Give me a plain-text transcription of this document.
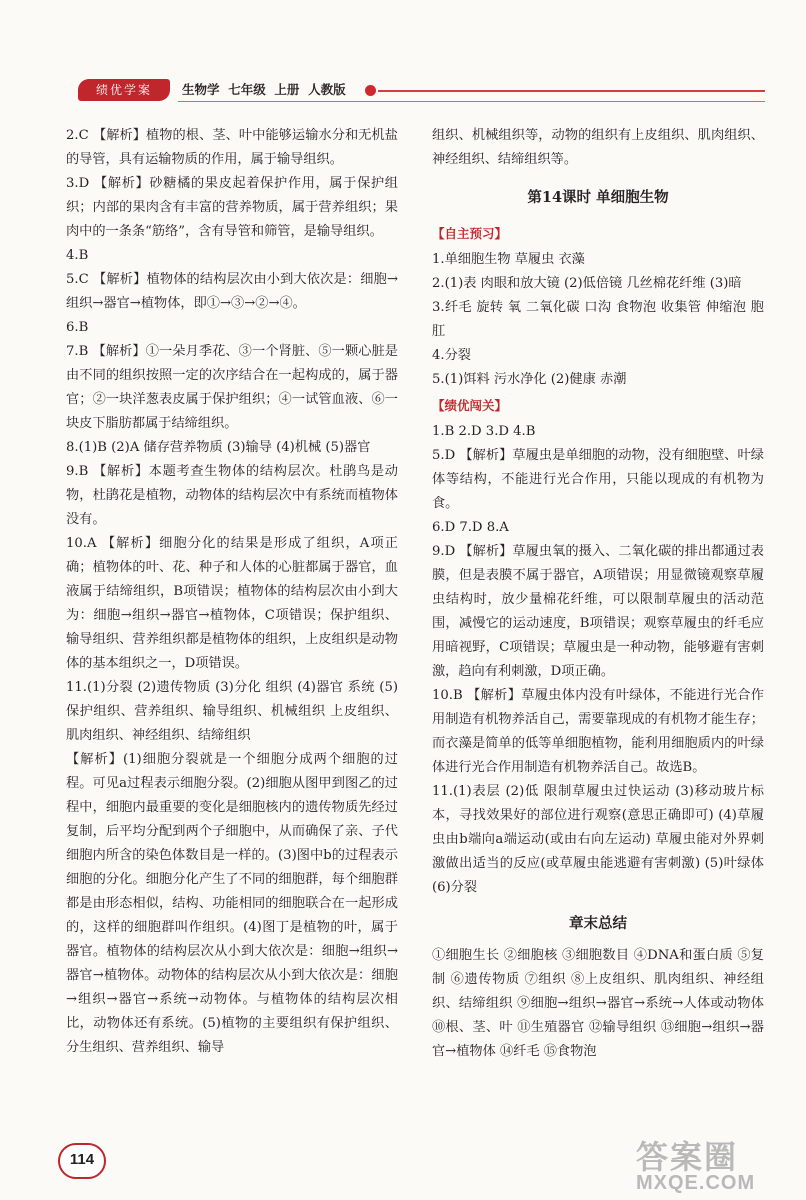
绩优学案	生物学  七年级  上册  人教版

2.C 【解析】植物的根、茎、叶中能够运输水分和无机盐的导管，具有运输物质的作用，属于输导组织。

3.D 【解析】砂糖橘的果皮起着保护作用，属于保护组织；内部的果肉含有丰富的营养物质，属于营养组织；果肉中的一条条“筋络”，含有导管和筛管，是输导组织。

4.B

5.C 【解析】植物体的结构层次由小到大依次是：细胞→组织→器官→植物体，即①→③→②→④。

6.B

7.B 【解析】①一朵月季花、③一个肾脏、⑤一颗心脏是由不同的组织按照一定的次序结合在一起构成的，属于器官；②一块洋葱表皮属于保护组织；④一试管血液、⑥一块皮下脂肪都属于结缔组织。

8.(1)B (2)A 储存营养物质 (3)输导 (4)机械 (5)器官

9.B 【解析】本题考查生物体的结构层次。杜鹃鸟是动物，杜鹃花是植物，动物体的结构层次中有系统而植物体没有。

10.A 【解析】细胞分化的结果是形成了组织，A项正确；植物体的叶、花、种子和人体的心脏都属于器官，血液属于结缔组织，B项错误；植物体的结构层次由小到大为：细胞→组织→器官→植物体，C项错误；保护组织、输导组织、营养组织都是植物体的组织，上皮组织是动物体的基本组织之一，D项错误。

11.(1)分裂 (2)遗传物质 (3)分化 组织 (4)器官 系统 (5)保护组织、营养组织、输导组织、机械组织 上皮组织、肌肉组织、神经组织、结缔组织

【解析】(1)细胞分裂就是一个细胞分成两个细胞的过程。可见a过程表示细胞分裂。(2)细胞从图甲到图乙的过程中，细胞内最重要的变化是细胞核内的遗传物质先经过复制，后平均分配到两个子细胞中，从而确保了亲、子代细胞内所含的染色体数目是一样的。(3)图中b的过程表示细胞的分化。细胞分化产生了不同的细胞群，每个细胞群都是由形态相似，结构、功能相同的细胞联合在一起形成的，这样的细胞群叫作组织。(4)图丁是植物的叶，属于器官。植物体的结构层次从小到大依次是：细胞→组织→器官→植物体。动物体的结构层次从小到大依次是：细胞→组织→器官→系统→动物体。与植物体的结构层次相比，动物体还有系统。(5)植物的主要组织有保护组织、分生组织、营养组织、输导

组织、机械组织等，动物的组织有上皮组织、肌肉组织、神经组织、结缔组织等。

第14课时 单细胞生物

【自主预习】

1.单细胞生物 草履虫 衣藻

2.(1)表 肉眼和放大镜 (2)低倍镜 几丝棉花纤维 (3)暗

3.纤毛 旋转 氧 二氧化碳 口沟 食物泡 收集管 伸缩泡 胞肛

4.分裂

5.(1)饵料 污水净化 (2)健康 赤潮

【绩优闯关】

1.B 2.D 3.D 4.B

5.D 【解析】草履虫是单细胞的动物，没有细胞壁、叶绿体等结构，不能进行光合作用，只能以现成的有机物为食。

6.D 7.D 8.A

9.D 【解析】草履虫氧的摄入、二氧化碳的排出都通过表膜，但是表膜不属于器官，A项错误；用显微镜观察草履虫结构时，放少量棉花纤维，可以限制草履虫的活动范围，减慢它的运动速度，B项错误；观察草履虫的纤毛应用暗视野，C项错误；草履虫是一种动物，能够避有害刺激，趋向有利刺激，D项正确。

10.B 【解析】草履虫体内没有叶绿体，不能进行光合作用制造有机物养活自己，需要靠现成的有机物才能生存；而衣藻是简单的低等单细胞植物，能利用细胞质内的叶绿体进行光合作用制造有机物养活自己。故选B。

11.(1)表层 (2)低 限制草履虫过快运动 (3)移动玻片标本，寻找效果好的部位进行观察(意思正确即可) (4)草履虫由b端向a端运动(或由右向左运动) 草履虫能对外界刺激做出适当的反应(或草履虫能逃避有害刺激) (5)叶绿体 (6)分裂

章末总结

①细胞生长 ②细胞核 ③细胞数目 ④DNA和蛋白质 ⑤复制 ⑥遗传物质 ⑦组织 ⑧上皮组织、肌肉组织、神经组织、结缔组织 ⑨细胞→组织→器官→系统→人体或动物体 ⑩根、茎、叶 ⑪生殖器官 ⑫输导组织 ⑬细胞→组织→器官→植物体 ⑭纤毛 ⑮食物泡

114	答案圈
MXQE.COM
